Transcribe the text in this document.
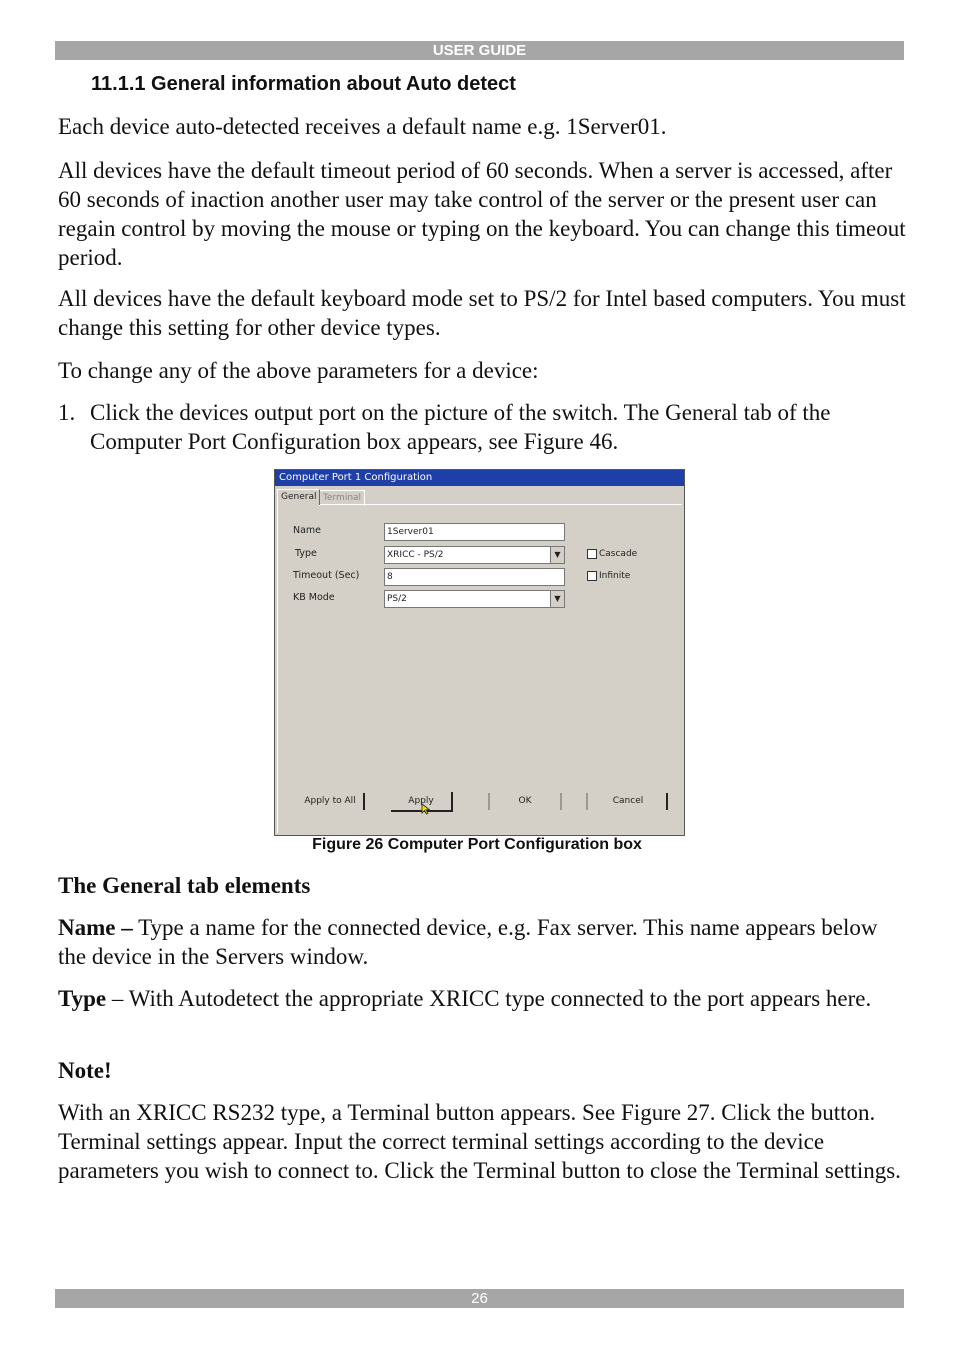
USER GUIDE
11.1.1 General information about Auto detect

Each device auto-detected receives a default name e.g. 1Server01.

All devices have the default timeout period of 60 seconds. When a server is accessed, after 60 seconds of inaction another user may take control of the server or the present user can regain control by moving the mouse or typing on the keyboard. You can change this timeout period.

All devices have the default keyboard mode set to PS/2 for Intel based computers. You must change this setting for other device types.

To change any of the above parameters for a device:

1. Click the devices output port on the picture of the switch. The General tab of the Computer Port Configuration box appears, see Figure 46.
Computer Port 1 Configuration
General Terminal
Name	1Server01
Type	XRICC - PS/2	▼
Timeout (Sec)	8
KB Mode	PS/2	▼
Cascade
Infinite
Apply to All	Apply	OK	Cancel
Figure 26 Computer Port Configuration box
The General tab elements

Name – Type a name for the connected device, e.g. Fax server. This name appears below the device in the Servers window.

Type – With Autodetect the appropriate XRICC type connected to the port appears here.

Note!

With an XRICC RS232 type, a Terminal button appears. See Figure 27. Click the button. Terminal settings appear. Input the correct terminal settings according to the device parameters you wish to connect to. Click the Terminal button to close the Terminal settings.

26
